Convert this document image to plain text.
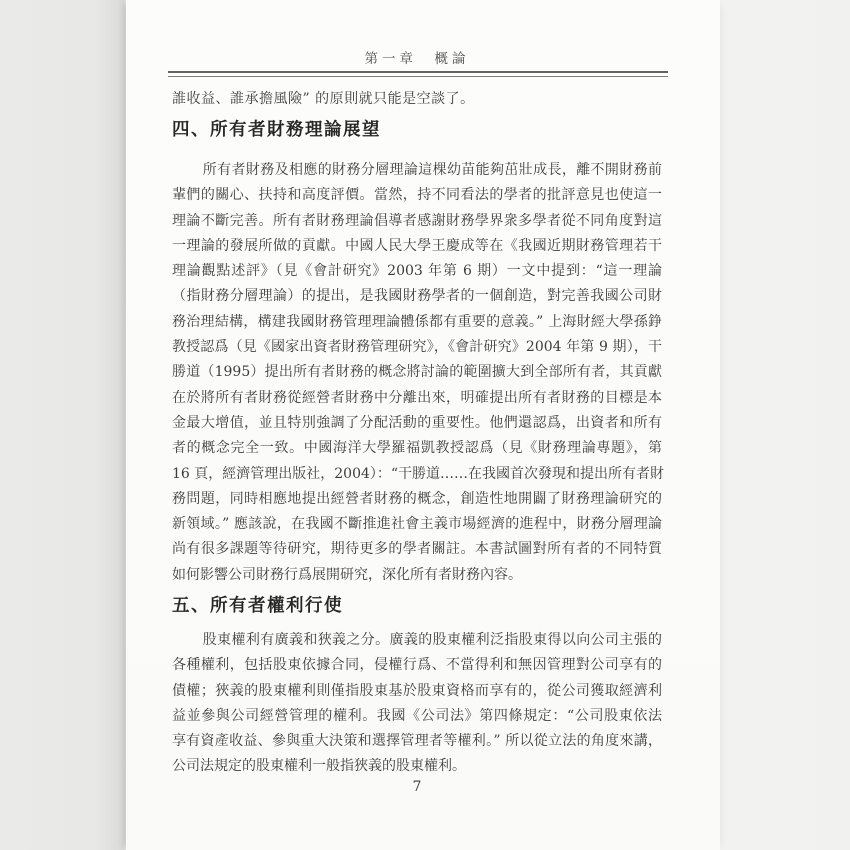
第一章　概論
誰收益、誰承擔風險” 的原則就只能是空談了。
四、所有者財務理論展望
所有者財務及相應的財務分層理論這棵幼苗能夠茁壯成長，離不開財務前
輩們的關心、扶持和高度評價。當然，持不同看法的學者的批評意見也使這一
理論不斷完善。所有者財務理論倡導者感謝財務學界衆多學者從不同角度對這
一理論的發展所做的貢獻。中國人民大學王慶成等在《我國近期財務管理若干
理論觀點述評》（見《會計研究》2003 年第 6 期）一文中提到：“這一理論
（指財務分層理論）的提出，是我國財務學者的一個創造，對完善我國公司財
務治理結構，構建我國財務管理理論體係都有重要的意義。” 上海財經大學孫錚
教授認爲（見《國家出資者財務管理研究》，《會計研究》2004 年第 9 期），干
勝道（1995）提出所有者財務的概念將討論的範圍擴大到全部所有者，其貢獻
在於將所有者財務從經營者財務中分離出來，明確提出所有者財務的目標是本
金最大增值，並且特別強調了分配活動的重要性。他們還認爲，出資者和所有
者的概念完全一致。中國海洋大學羅福凱教授認爲（見《財務理論專題》，第
16 頁，經濟管理出版社，2004）：“干勝道……在我國首次發現和提出所有者財
務問題，同時相應地提出經營者財務的概念，創造性地開闢了財務理論研究的
新領域。” 應該說，在我國不斷推進社會主義市場經濟的進程中，財務分層理論
尚有很多課題等待研究，期待更多的學者關註。本書試圖對所有者的不同特質
如何影響公司財務行爲展開研究，深化所有者財務內容。
五、所有者權利行使
股東權利有廣義和狹義之分。廣義的股東權利泛指股東得以向公司主張的
各種權利，包括股東依據合同，侵權行爲、不當得利和無因管理對公司享有的
債權；狹義的股東權利則僅指股東基於股東資格而享有的，從公司獲取經濟利
益並參與公司經營管理的權利。我國《公司法》第四條規定：“公司股東依法
享有資產收益、參與重大決策和選擇管理者等權利。” 所以從立法的角度來講，
公司法規定的股東權利一般指狹義的股東權利。
7
